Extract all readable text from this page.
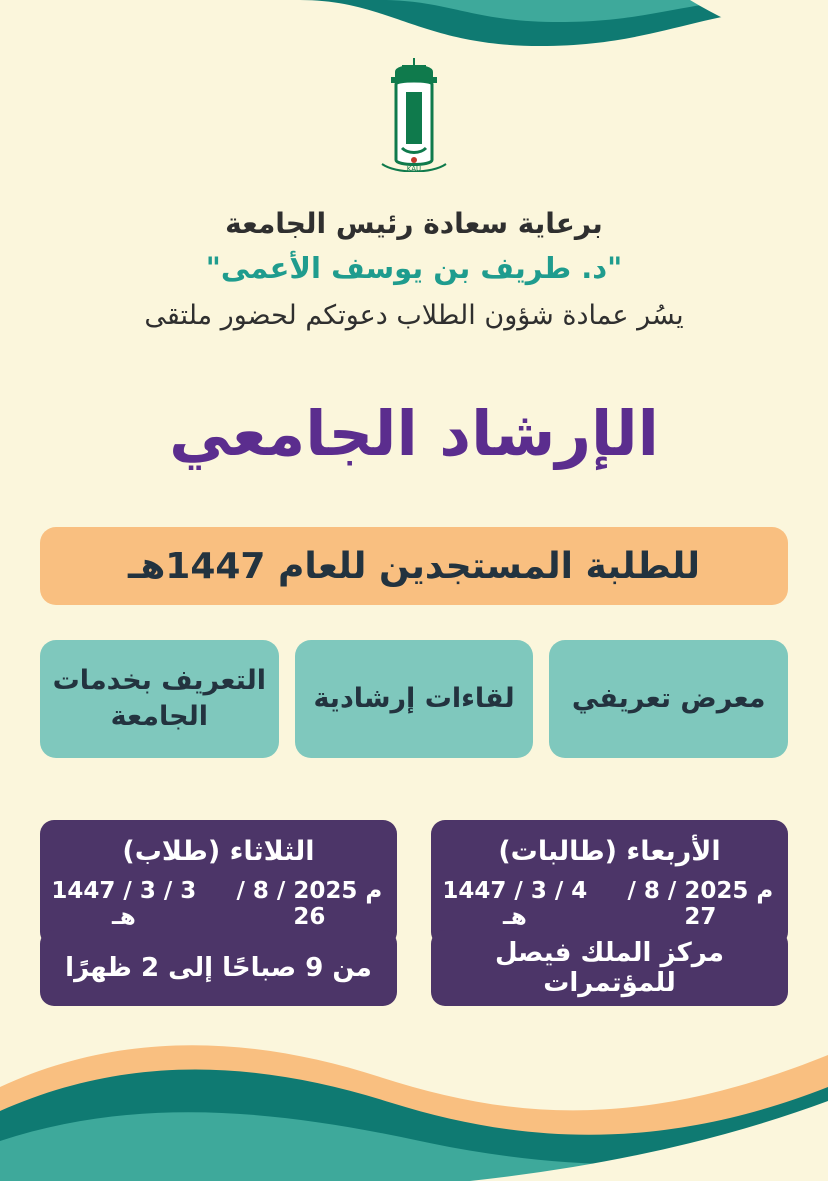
KAU
برعاية سعادة رئيس الجامعة
"د. طريف بن يوسف الأعمى"
يسُر عمادة شؤون الطلاب دعوتكم لحضور ملتقى
الإرشاد الجامعي
للطلبة المستجدين للعام 1447هـ
التعريف بخدمات الجامعة
لقاءات إرشادية معرض تعريفي
الثلاثاء (طلاب)
3 / 3 / 1447 هـ
م 2025 / 8 / 26
الأربعاء (طالبات)
4 / 3 / 1447 هـ
م 2025 / 8 / 27
من 9 صباحًا إلى 2 ظهرًا	مركز الملك فيصل للمؤتمرات
